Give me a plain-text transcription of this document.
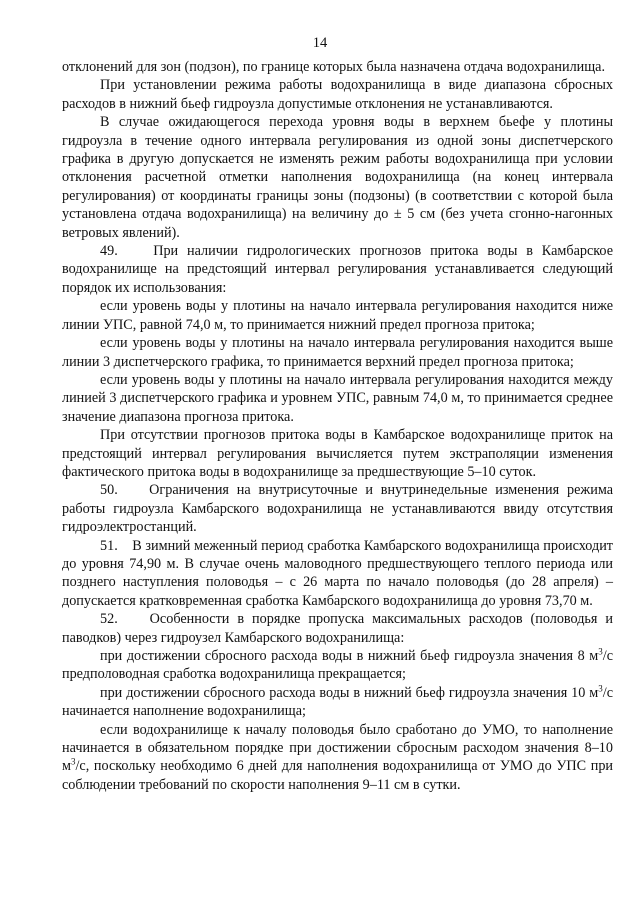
14

отклонений для зон (подзон), по границе которых была назначена отдача водохранилища.

При установлении режима работы водохранилища в виде диапазона сбросных расходов в нижний бьеф гидроузла допустимые отклонения не устанавливаются.

В случае ожидающегося перехода уровня воды в верхнем бьефе у плотины гидроузла в течение одного интервала регулирования из одной зоны диспетчерского графика в другую допускается не изменять режим работы водохранилища при условии отклонения расчетной отметки наполнения водохранилища (на конец интервала регулирования) от координаты границы зоны (подзоны) (в соответствии с которой была установлена отдача водохранилища) на величину до ± 5 см (без учета сгонно-нагонных ветровых явлений).

49.    При наличии гидрологических прогнозов притока воды в Камбарское водохранилище на предстоящий интервал регулирования устанавливается следующий порядок их использования:

если уровень воды у плотины на начало интервала регулирования находится ниже линии УПС, равной 74,0 м, то принимается нижний предел прогноза притока;

если уровень воды у плотины на начало интервала регулирования находится выше линии 3 диспетчерского графика, то принимается верхний предел прогноза притока;

если уровень воды у плотины на начало интервала регулирования находится между линией 3 диспетчерского графика и уровнем УПС, равным 74,0 м, то принимается среднее значение диапазона прогноза притока.

При отсутствии прогнозов притока воды в Камбарское водохранилище приток на предстоящий интервал регулирования вычисляется путем экстраполяции изменения фактического притока воды в водохранилище за предшествующие 5–10 суток.

50.    Ограничения на внутрисуточные и внутринедельные изменения режима работы гидроузла Камбарского водохранилища не устанавливаются ввиду отсутствия гидроэлектростанций.

51.    В зимний меженный период сработка Камбарского водохранилища происходит до уровня 74,90 м. В случае очень маловодного предшествующего теплого периода или позднего наступления половодья – с 26 марта по начало половодья (до 28 апреля) – допускается кратковременная сработка Камбарского водохранилища до уровня 73,70 м.

52.    Особенности в порядке пропуска максимальных расходов (половодья и паводков) через гидроузел Камбарского водохранилища:

при достижении сбросного расхода воды в нижний бьеф гидроузла значения 8 $м^3/с$ предполоводная сработка водохранилища прекращается;

при достижении сбросного расхода воды в нижний бьеф гидроузла значения 10 $м^3/с$ начинается наполнение водохранилища;

если водохранилище к началу половодья было сработано до УМО, то наполнение начинается в обязательном порядке при достижении сбросным расходом значения 8–10 $м^3/с$, поскольку необходимо 6 дней для наполнения водохранилища от УМО до УПС при соблюдении требований по скорости наполнения 9–11 см в сутки.
